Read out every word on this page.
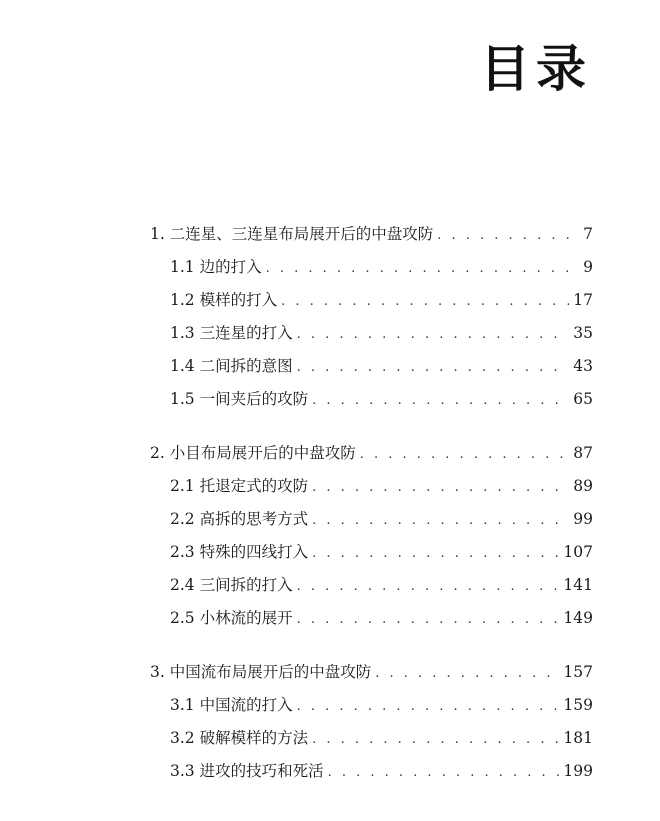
目录
1. 二连星、三连星布局展开后的中盘攻防 . . .	7
1.1 边的打入 . . .	9
1.2 模样的打入 . . .	17
1.3 三连星的打入 . . .	35
1.4 二间拆的意图 . . .	43
1.5 一间夹后的攻防 . . .	65
2. 小目布局展开后的中盘攻防 . . .	87
2.1 托退定式的攻防 . . .	89
2.2 高拆的思考方式 . . .	99
2.3 特殊的四线打入 . . .	107
2.4 三间拆的打入 . . .	141
2.5 小林流的展开 . . .	149
3. 中国流布局展开后的中盘攻防 . . .	157
3.1 中国流的打入 . . .	159
3.2 破解模样的方法 . . .	181
3.3 进攻的技巧和死活 . . .	199
